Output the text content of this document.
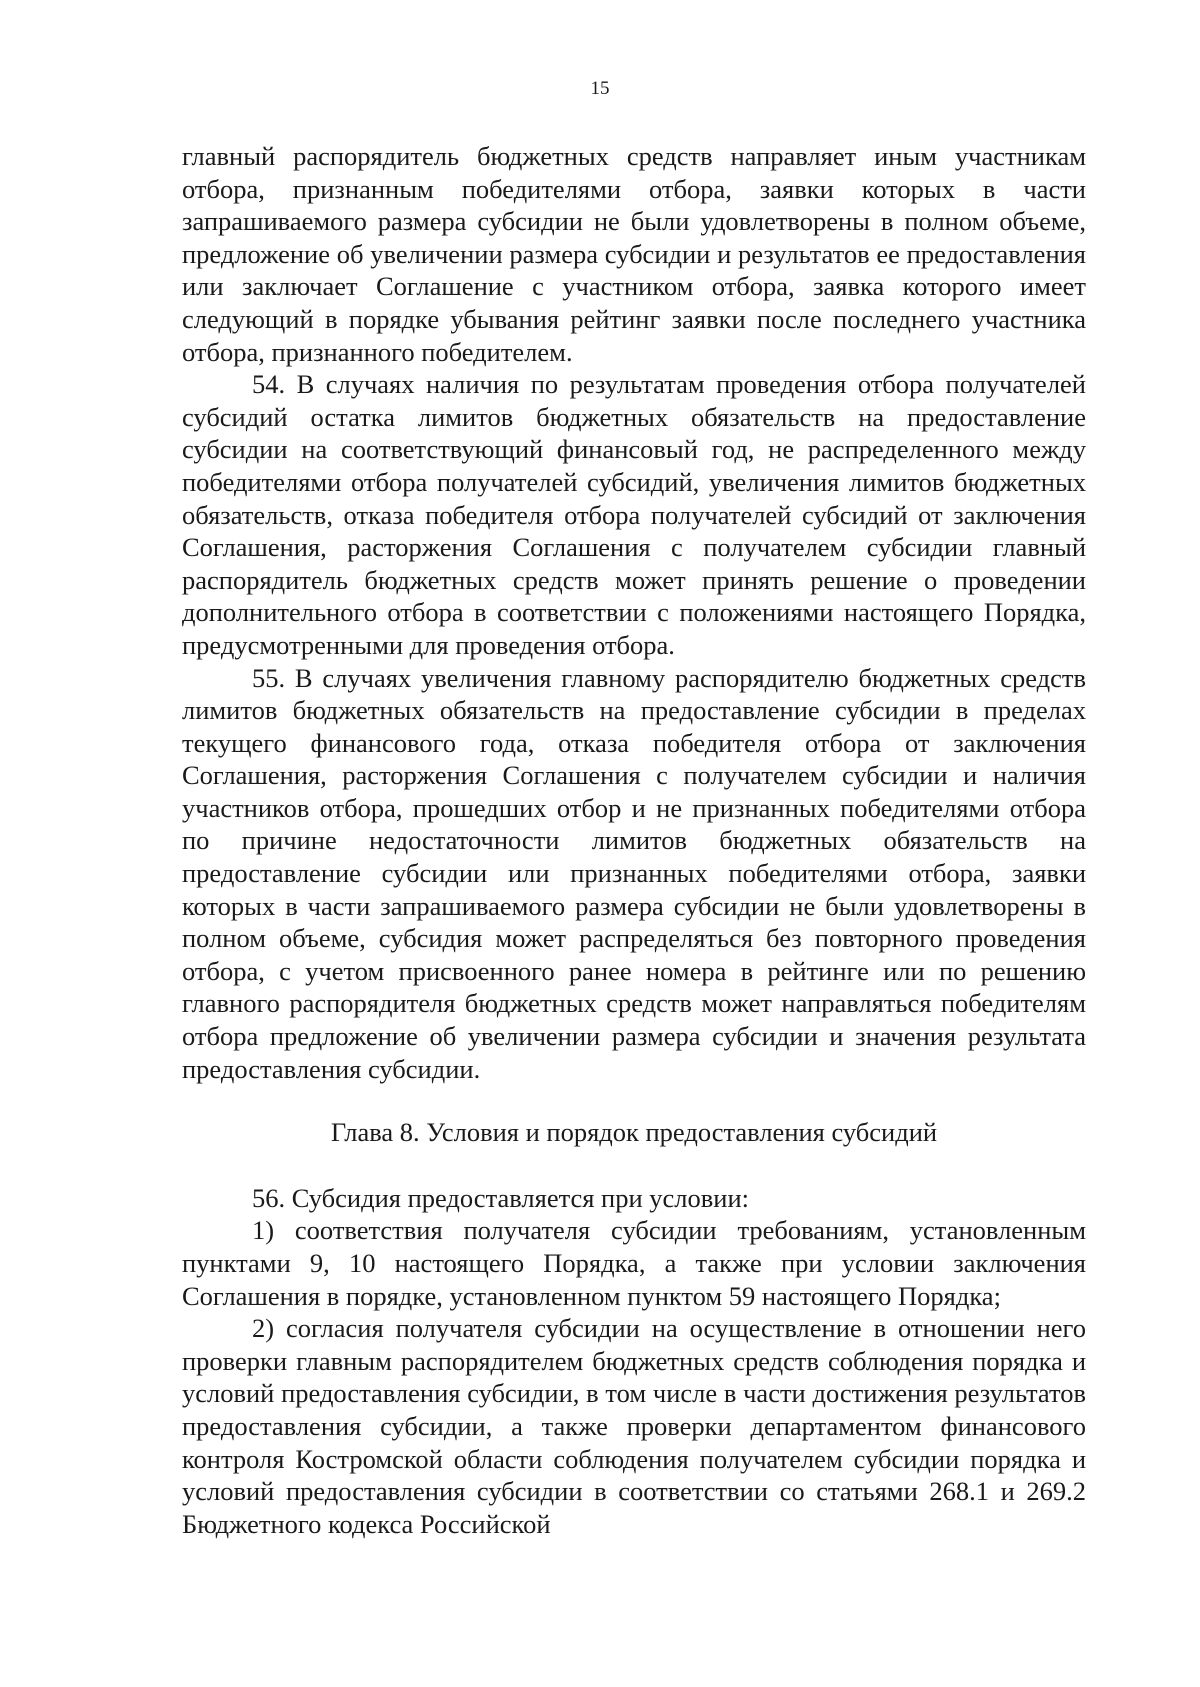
15

главный распорядитель бюджетных средств направляет иным участникам отбора, признанным победителями отбора, заявки которых в части запрашиваемого размера субсидии не были удовлетворены в полном объеме, предложение об увеличении размера субсидии и результатов ее предоставления или заключает Соглашение с участником отбора, заявка которого имеет следующий в порядке убывания рейтинг заявки после последнего участника отбора, признанного победителем.

54. В случаях наличия по результатам проведения отбора получателей субсидий остатка лимитов бюджетных обязательств на предоставление субсидии на соответствующий финансовый год, не распределенного между победителями отбора получателей субсидий, увеличения лимитов бюджетных обязательств, отказа победителя отбора получателей субсидий от заключения Соглашения, расторжения Соглашения с получателем субсидии главный распорядитель бюджетных средств может принять решение о проведении дополнительного отбора в соответствии с положениями настоящего Порядка, предусмотренными для проведения отбора.

55. В случаях увеличения главному распорядителю бюджетных средств лимитов бюджетных обязательств на предоставление субсидии в пределах текущего финансового года, отказа победителя отбора от заключения Соглашения, расторжения Соглашения с получателем субсидии и наличия участников отбора, прошедших отбор и не признанных победителями отбора по причине недостаточности лимитов бюджетных обязательств на предоставление субсидии или признанных победителями отбора, заявки которых в части запрашиваемого размера субсидии не были удовлетворены в полном объеме, субсидия может распределяться без повторного проведения отбора, с учетом присвоенного ранее номера в рейтинге или по решению главного распорядителя бюджетных средств может направляться победителям отбора предложение об увеличении размера субсидии и значения результата предоставления субсидии.

Глава 8. Условия и порядок предоставления субсидий

56. Субсидия предоставляется при условии:

1) соответствия получателя субсидии требованиям, установленным пунктами 9, 10 настоящего Порядка, а также при условии заключения Соглашения в порядке, установленном пунктом 59 настоящего Порядка;

2) согласия получателя субсидии на осуществление в отношении него проверки главным распорядителем бюджетных средств соблюдения порядка и условий предоставления субсидии, в том числе в части достижения результатов предоставления субсидии, а также проверки департаментом финансового контроля Костромской области соблюдения получателем субсидии порядка и условий предоставления субсидии в соответствии со статьями 268.1 и 269.2 Бюджетного кодекса Российской
